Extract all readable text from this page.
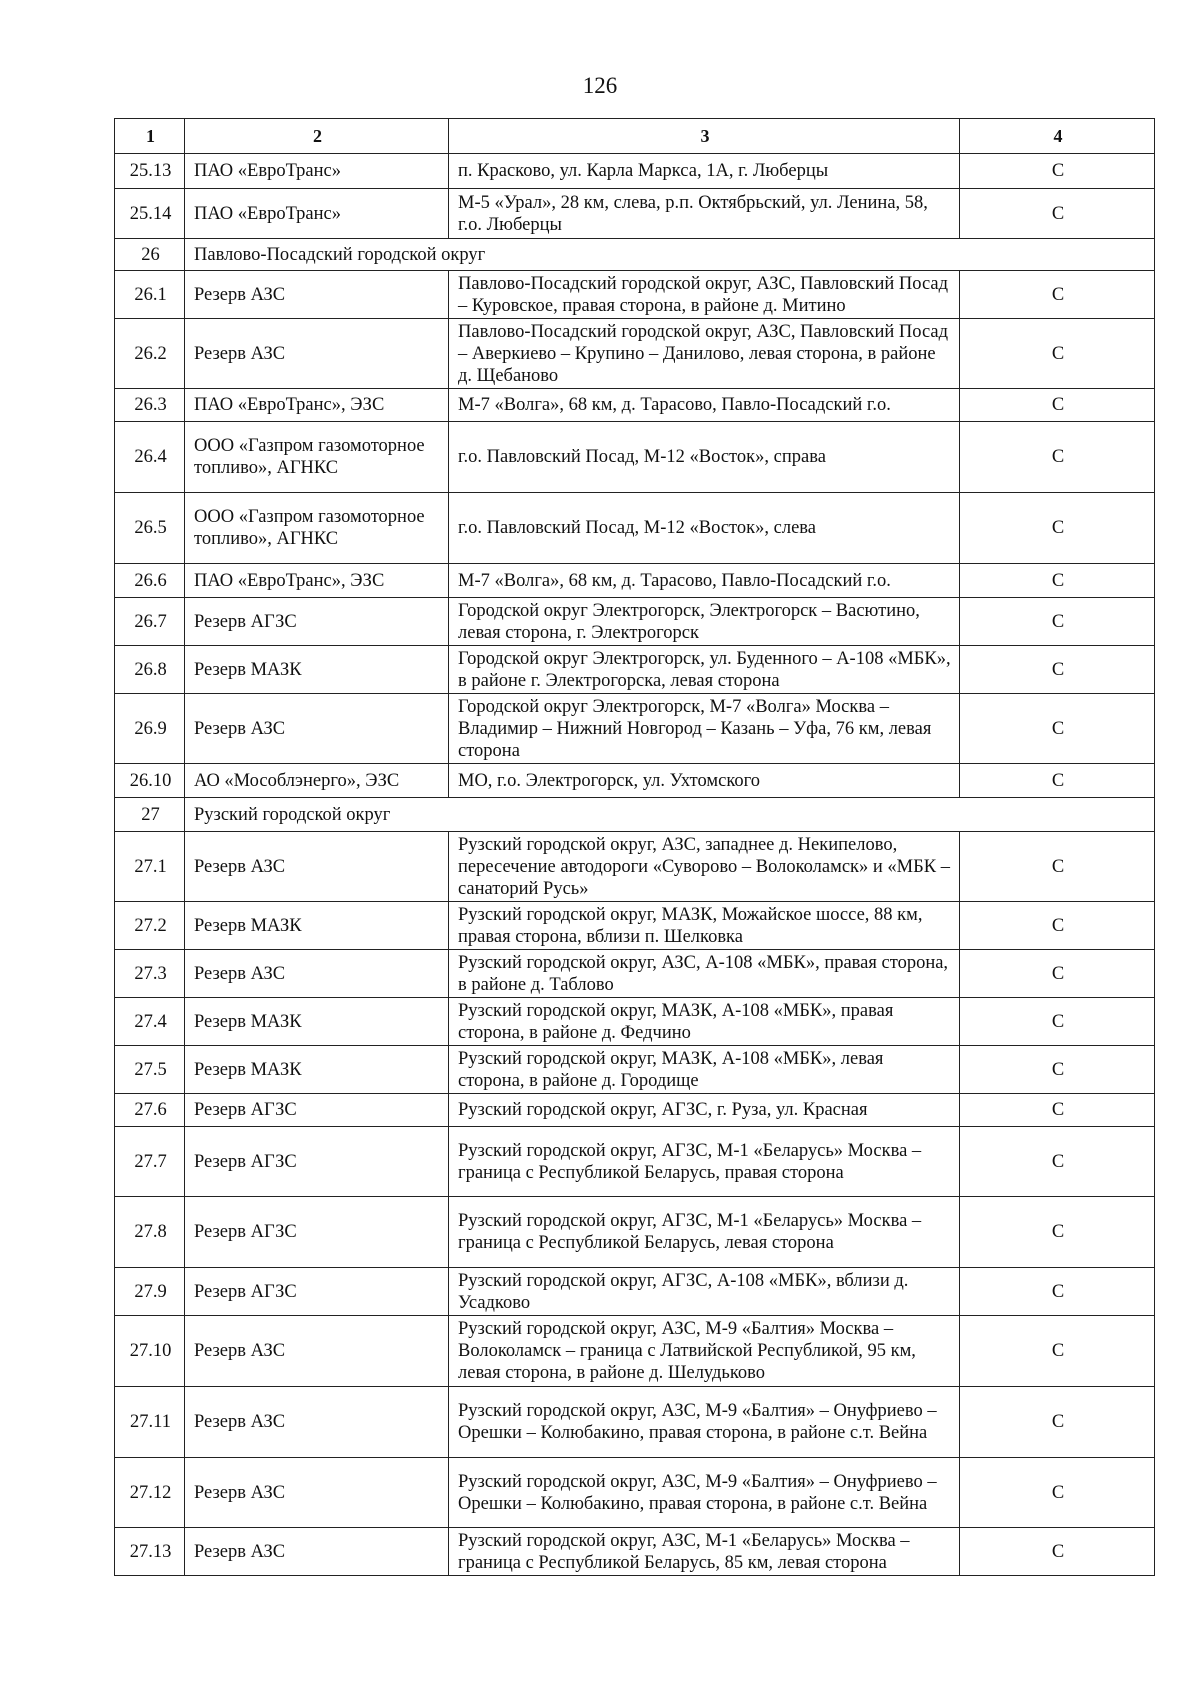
126
1	2	3	4
25.13	ПАО «ЕвроТранс»	п. Красково, ул. Карла Маркса, 1А, г. Люберцы	С
25.14	ПАО «ЕвроТранс»	М-5 «Урал», 28 км, слева, р.п. Октябрьский, ул. Ленина, 58, г.о. Люберцы	С
26	Павлово-Посадский городской округ		
26.1	Резерв АЗС	Павлово-Посадский городской округ, АЗС, Павловский Посад – Куровское, правая сторона, в районе д. Митино	С
26.2	Резерв АЗС	Павлово-Посадский городской округ, АЗС, Павловский Посад – Аверкиево – Крупино – Данилово, левая сторона, в районе д. Щебаново	С
26.3	ПАО «ЕвроТранс», ЭЗС	М-7 «Волга», 68 км, д. Тарасово, Павло-Посадский г.о.	С
26.4	ООО «Газпром газомоторное топливо», АГНКС	г.о. Павловский Посад, М-12 «Восток», справа	С
26.5	ООО «Газпром газомоторное топливо», АГНКС	г.о. Павловский Посад, М-12 «Восток», слева	С
26.6	ПАО «ЕвроТранс», ЭЗС	М-7 «Волга», 68 км, д. Тарасово, Павло-Посадский г.о.	С
26.7	Резерв АГЗС	Городской округ Электрогорск, Электрогорск – Васютино, левая сторона, г. Электрогорск	С
26.8	Резерв МАЗК	Городской округ Электрогорск, ул. Буденного – А-108 «МБК», в районе г. Электрогорска, левая сторона	С
26.9	Резерв АЗС	Городской округ Электрогорск, М-7 «Волга» Москва – Владимир – Нижний Новгород – Казань – Уфа, 76 км, левая сторона	С
26.10	АО «Мособлэнерго», ЭЗС	МО, г.о. Электрогорск, ул. Ухтомского	С
27	Рузский городской округ		
27.1	Резерв АЗС	Рузский городской округ, АЗС, западнее д. Некипелово, пересечение автодороги «Суворово – Волоколамск» и «МБК – санаторий Русь»	С
27.2	Резерв МАЗК	Рузский городской округ, МАЗК, Можайское шоссе, 88 км, правая сторона, вблизи п. Шелковка	С
27.3	Резерв АЗС	Рузский городской округ, АЗС, А-108 «МБК», правая сторона, в районе д. Таблово	С
27.4	Резерв МАЗК	Рузский городской округ, МАЗК, А-108 «МБК», правая сторона, в районе д. Федчино	С
27.5	Резерв МАЗК	Рузский городской округ, МАЗК, А-108 «МБК», левая сторона, в районе д. Городище	С
27.6	Резерв АГЗС	Рузский городской округ, АГЗС, г. Руза, ул. Красная	С
27.7	Резерв АГЗС	Рузский городской округ, АГЗС, М-1 «Беларусь» Москва – граница с Республикой Беларусь, правая сторона	С
27.8	Резерв АГЗС	Рузский городской округ, АГЗС, М-1 «Беларусь» Москва – граница с Республикой Беларусь, левая сторона	С
27.9	Резерв АГЗС	Рузский городской округ, АГЗС, А-108 «МБК», вблизи д. Усадково	С
27.10	Резерв АЗС	Рузский городской округ, АЗС, М-9 «Балтия» Москва – Волоколамск – граница с Латвийской Республикой, 95 км, левая сторона, в районе д. Шелудьково	С
27.11	Резерв АЗС	Рузский городской округ, АЗС, М-9 «Балтия» – Онуфриево – Орешки – Колюбакино, правая сторона, в районе с.т. Вейна	С
27.12	Резерв АЗС	Рузский городской округ, АЗС, М-9 «Балтия» – Онуфриево – Орешки – Колюбакино, правая сторона, в районе с.т. Вейна	С
27.13	Резерв АЗС	Рузский городской округ, АЗС, М-1 «Беларусь» Москва – граница с Республикой Беларусь, 85 км, левая сторона	С
